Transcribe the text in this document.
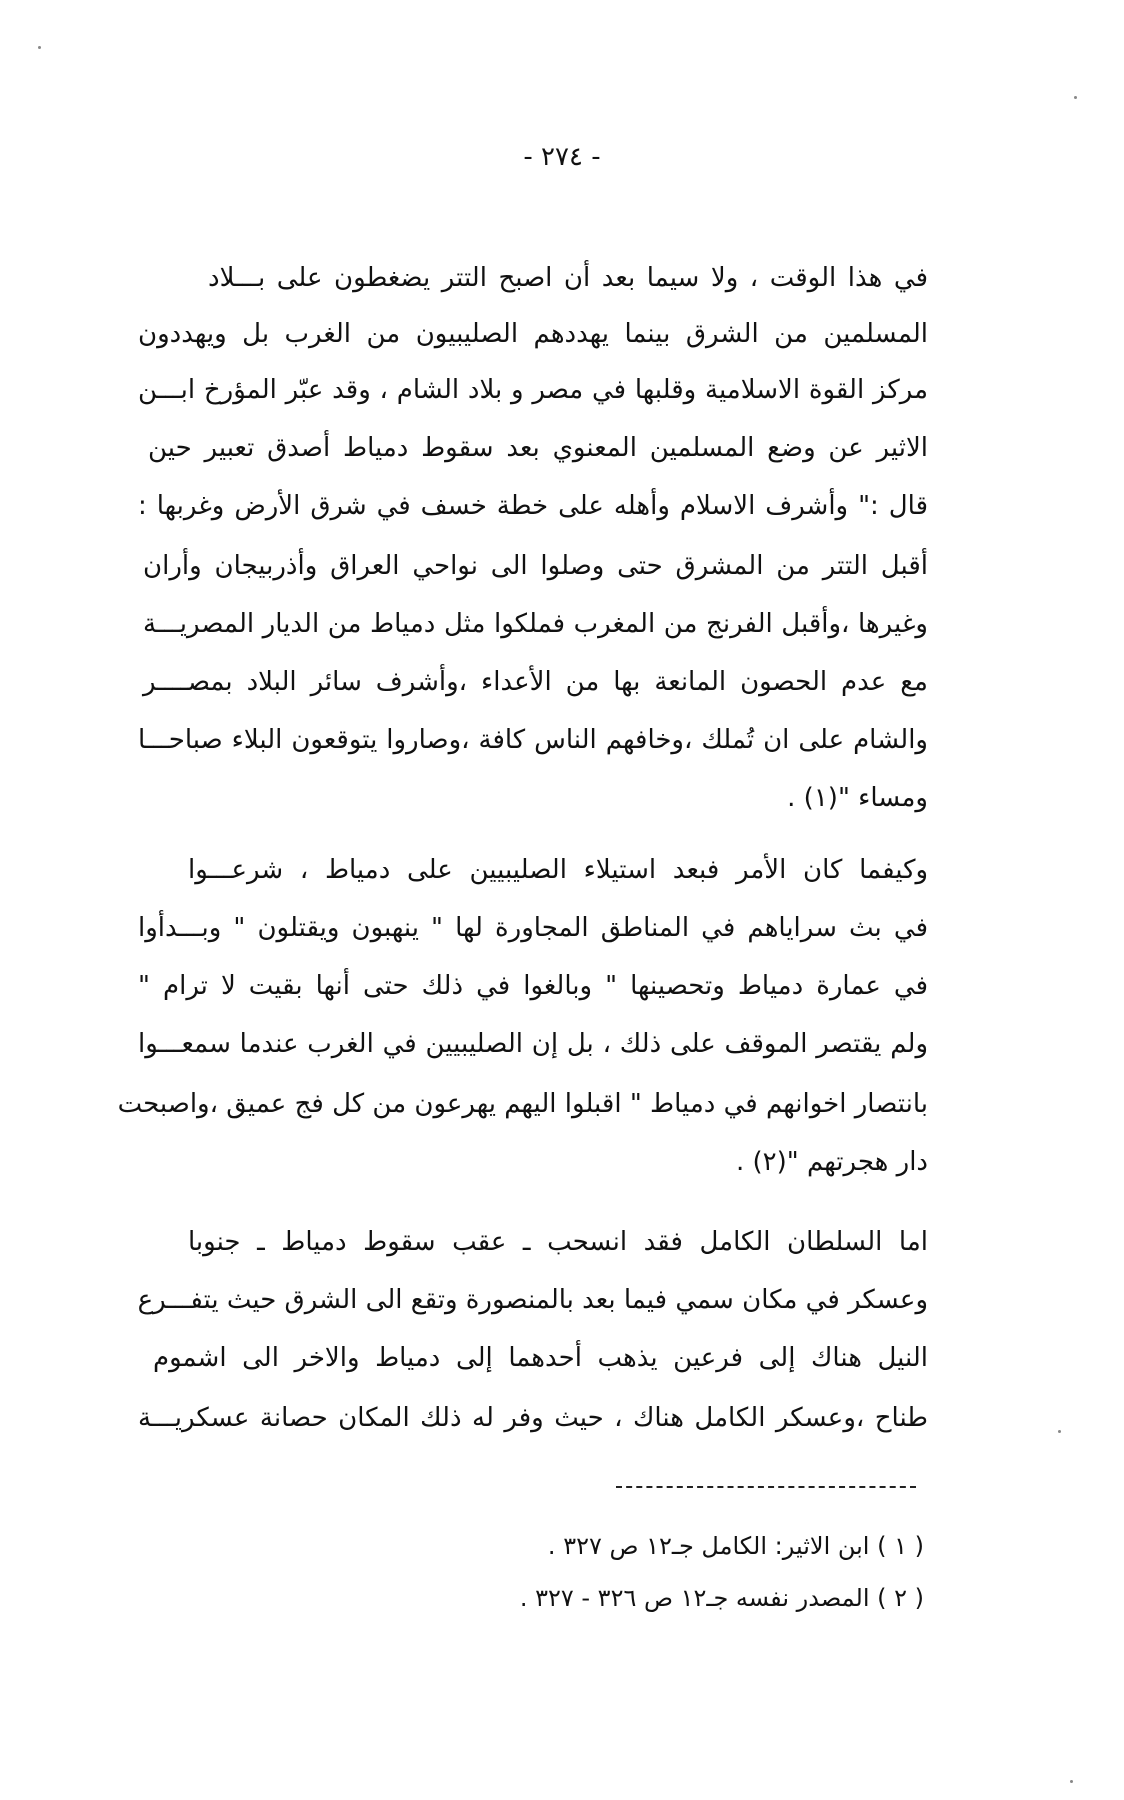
- ٢٧٤ -
في هذا الوقت ، ولا سيما بعد أن اصبح التتر يضغطون على بـــلاد
المسلمين من الشرق بينما يهددهم الصليبيون من الغرب بل ويهددون
مركز القوة الاسلامية وقلبها في مصر و بلاد الشام ، وقد عبّر المؤرخ ابـــن
الاثير عن وضع المسلمين المعنوي بعد سقوط دمياط أصدق تعبير حين
قال :" وأشرف الاسلام وأهله على خطة خسف في شرق الأرض وغربها :
أقبل التتر من المشرق حتى وصلوا الى نواحي العراق وأذربيجان وأران
وغيرها ،وأقبل الفرنج من المغرب فملكوا مثل دمياط من الديار المصريـــة
مع عدم الحصون المانعة بها من الأعداء ،وأشرف سائر البلاد بمصــــر
والشام على ان تُملك ،وخافهم الناس كافة ،وصاروا يتوقعون البلاء صباحـــا
ومساء "(١) .
وكيفما كان الأمر فبعد استيلاء الصليبيين على دمياط ، شرعـــوا
في بث سراياهم في المناطق المجاورة لها " ينهبون ويقتلون " وبـــدأوا
في عمارة دمياط وتحصينها " وبالغوا في ذلك حتى أنها بقيت لا ترام "
ولم يقتصر الموقف على ذلك ، بل إن الصليبيين في الغرب عندما سمعـــوا
بانتصار اخوانهم في دمياط " اقبلوا اليهم يهرعون من كل فج عميق ،واصبحت
دار هجرتهم "(٢) .
اما السلطان الكامل فقد انسحب ـ عقب سقوط دمياط ـ جنوبا
وعسكر في مكان سمي فيما بعد بالمنصورة وتقع الى الشرق حيث يتفـــرع
النيل هناك إلى فرعين يذهب أحدهما إلى دمياط والاخر الى اشموم
طناح ،وعسكر الكامل هناك ، حيث وفر له ذلك المكان حصانة عسكريـــة
( ١ ) ابن الاثير: الكامل جـ١٢ ص ٣٢٧ .
( ٢ ) المصدر نفسه جـ١٢ ص ٣٢٦ - ٣٢٧ .
